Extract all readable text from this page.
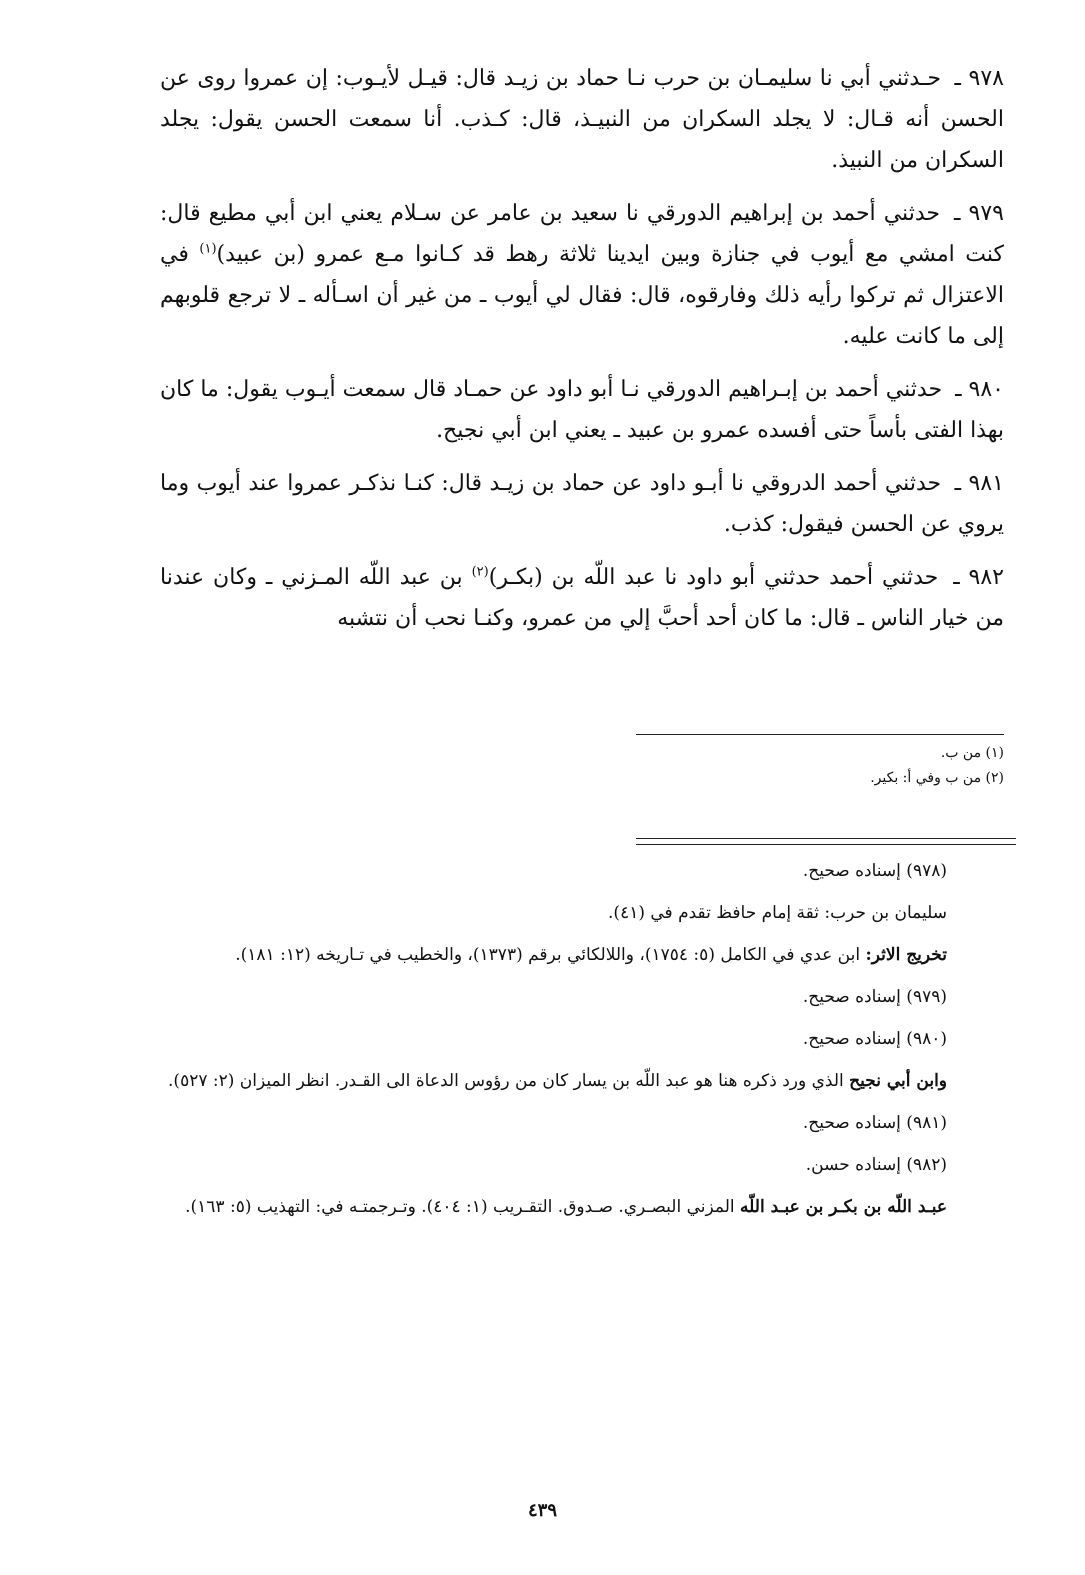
٩٧٨ ـ حـدثني أبي نا سليمـان بن حرب نـا حماد بن زيـد قال: قيـل لأيـوب: إن عمروا روى عن الحسن أنه قـال: لا يجلد السكران من النبيـذ، قال: كـذب. أنا سمعت الحسن يقول: يجلد السكران من النبيذ.

٩٧٩ ـ حدثني أحمد بن إبراهيم الدورقي نا سعيد بن عامر عن سـلام يعني ابن أبي مطيع قال: كنت امشي مع أيوب في جنازة وبين ايدينا ثلاثة رهط قد كـانوا مـع عمرو (بن عبيد)$^{(١)}$ في الاعتزال ثم تركوا رأيه ذلك وفارقوه، قال: فقال لي أيوب ـ من غير أن اسـأله ـ لا ترجع قلوبهم إلى ما كانت عليه.

٩٨٠ ـ حدثني أحمد بن إبـراهيم الدورقي نـا أبو داود عن حمـاد قال سمعت أيـوب يقول: ما كان بهذا الفتى بأساً حتى أفسده عمرو بن عبيد ـ يعني ابن أبي نجيح.

٩٨١ ـ حدثني أحمد الدروقي نا أبـو داود عن حماد بن زيـد قال: كنـا نذكـر عمروا عند أيوب وما يروي عن الحسن فيقول: كذب.

٩٨٢ ـ حدثني أحمد حدثني أبو داود نا عبد اللّه بن (بكـر)$^{(٢)}$ بن عبد اللّه المـزني ـ وكان عندنا من خيار الناس ـ قال: ما كان أحد أحبَّ إلي من عمرو، وكنـا نحب أن نتشبه

(١) من ب.
(٢) من ب وفي أ: بكير.
(٩٧٨) إسناده صحيح.
سليمان بن حرب: ثقة إمام حافظ تقدم في (٤١).
تخريج الاثر: ابن عدي في الكامل (٥: ١٧٥٤)، واللالكائي برقم (١٣٧٣)، والخطيب في تـاريخه (١٢: ١٨١).
(٩٧٩) إسناده صحيح.
(٩٨٠) إسناده صحيح.
وابن أبي نجيح الذي ورد ذكره هنا هو عبد اللّه بن يسار كان من رؤوس الدعاة الى القـدر. انظر الميزان (٢: ٥٢٧).
(٩٨١) إسناده صحيح.
(٩٨٢) إسناده حسن.
عبـد اللّه بن بكـر بن عبـد اللّه المزني البصـري. صـدوق. التقـريب (١: ٤٠٤). وتـرجمتـه في: التهذيب (٥: ١٦٣).
٤٣٩
